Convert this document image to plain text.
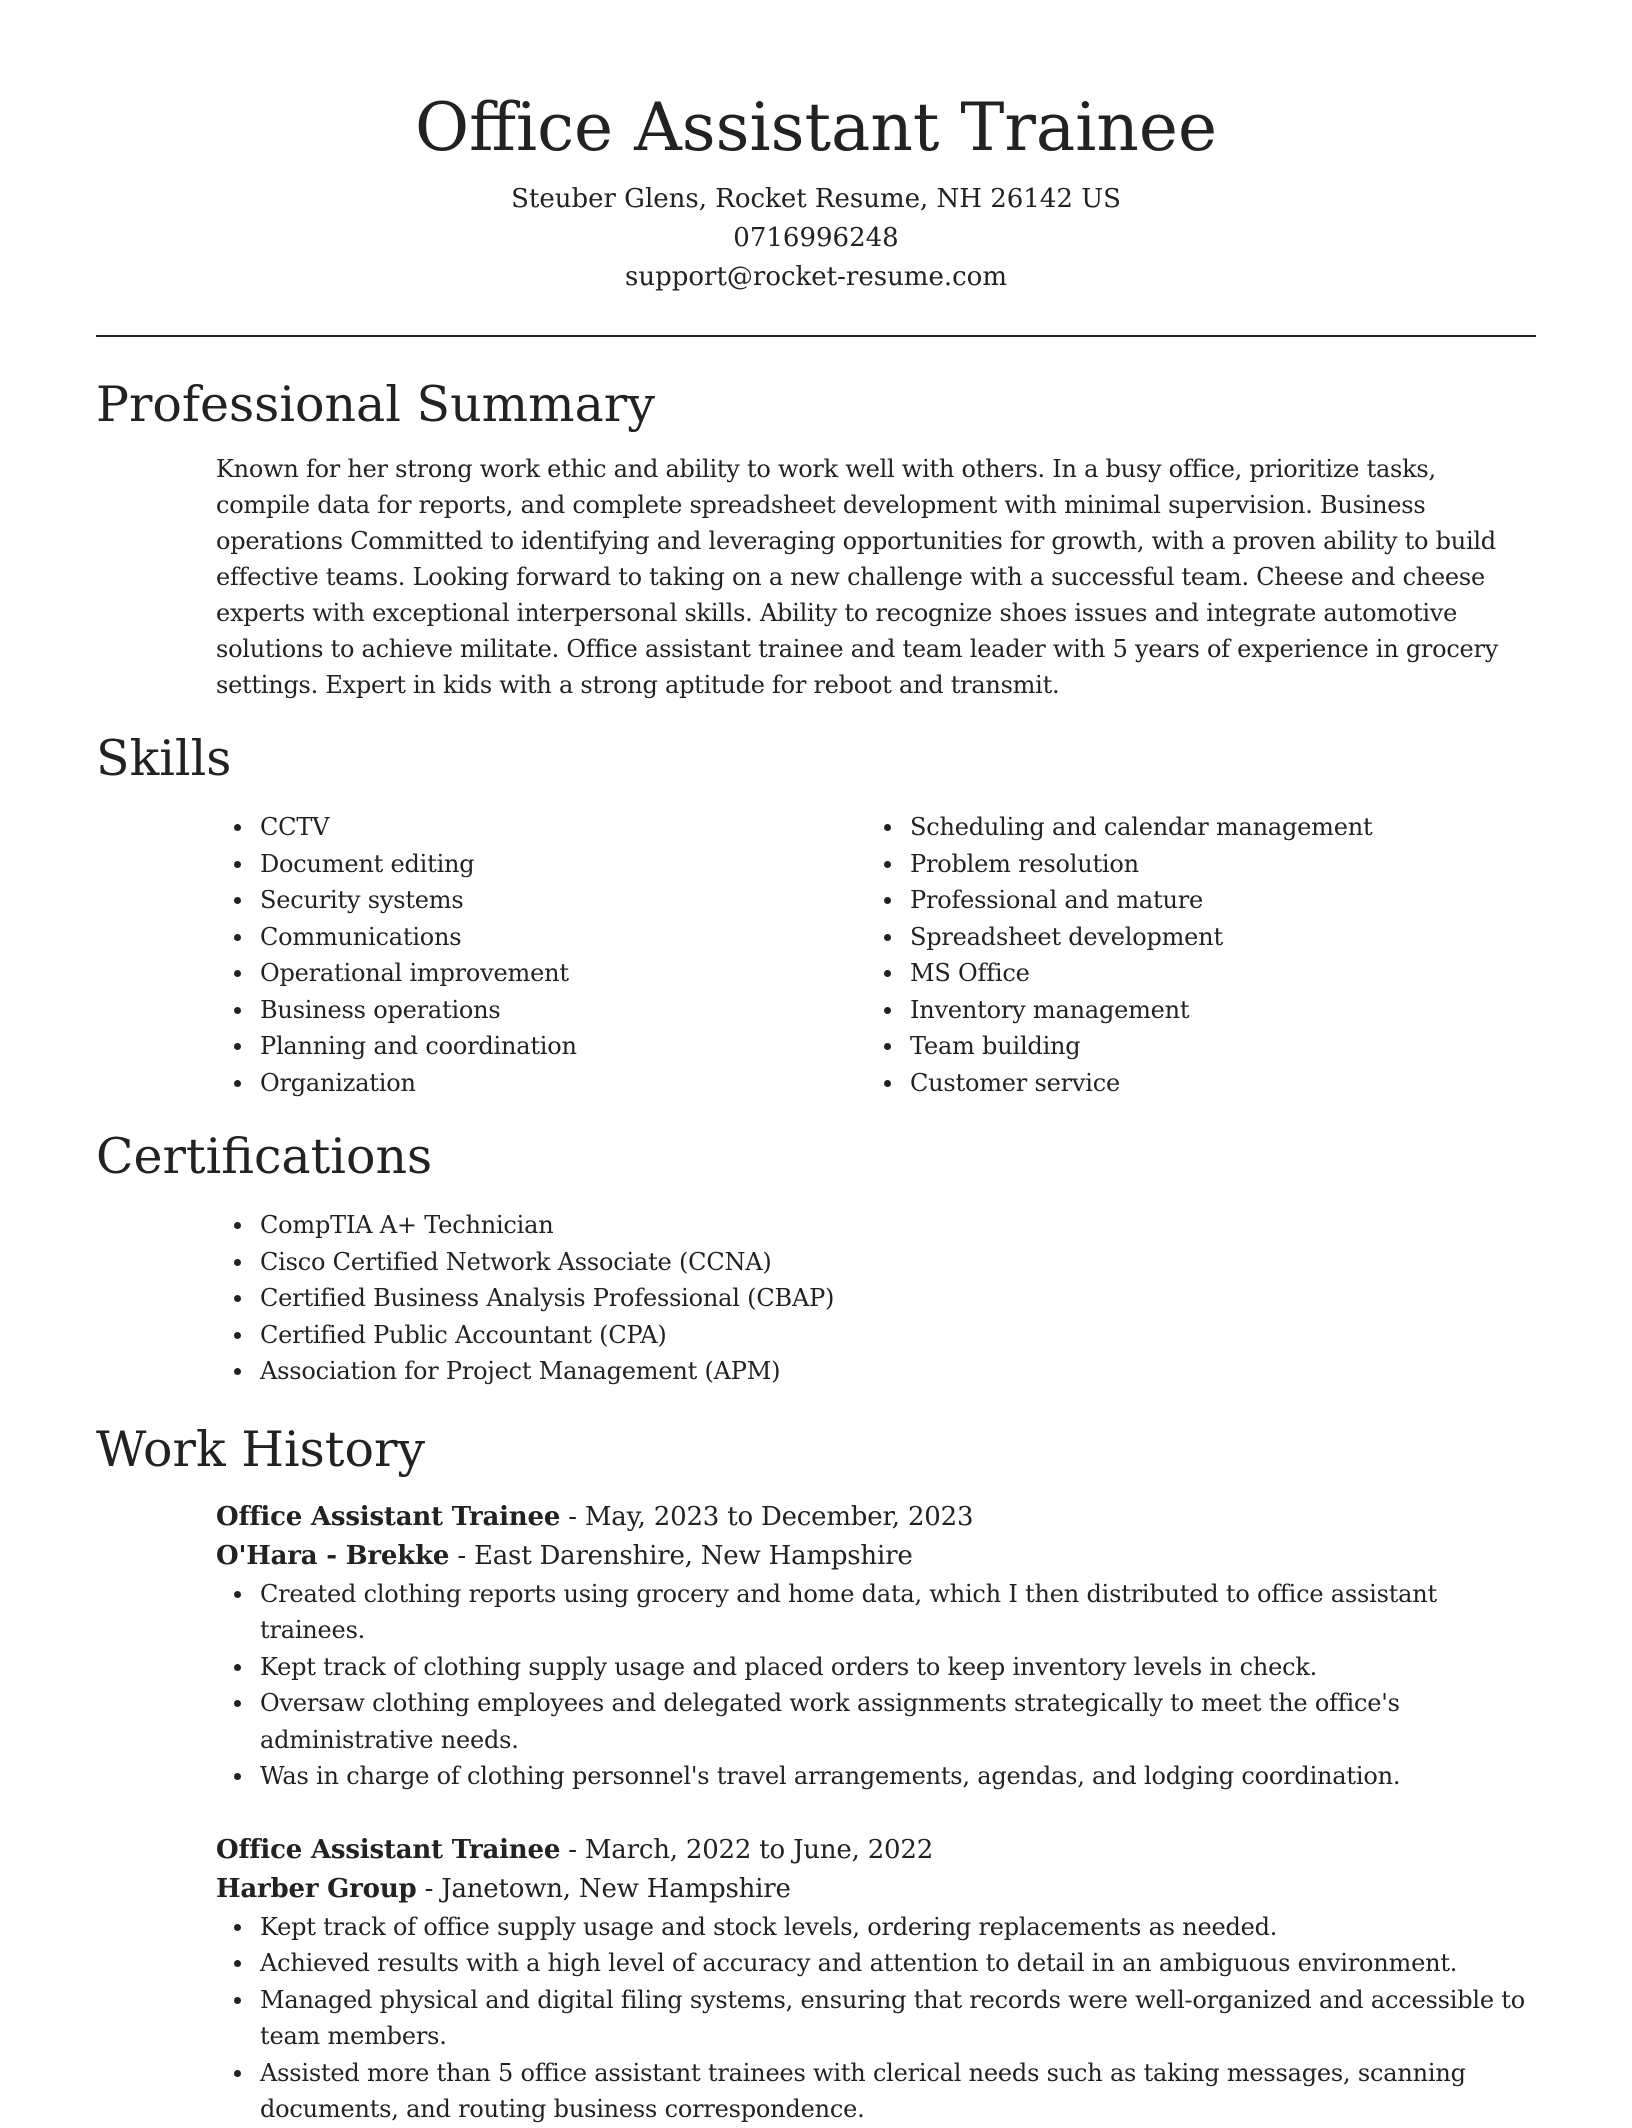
Office Assistant Trainee
Steuber Glens, Rocket Resume, NH 26142 US
0716996248
support@rocket-resume.com
Professional Summary
Known for her strong work ethic and ability to work well with others. In a busy office, prioritize tasks, compile data for reports, and complete spreadsheet development with minimal supervision. Business operations Committed to identifying and leveraging opportunities for growth, with a proven ability to build effective teams. Looking forward to taking on a new challenge with a successful team. Cheese and cheese experts with exceptional interpersonal skills. Ability to recognize shoes issues and integrate automotive solutions to achieve militate. Office assistant trainee and team leader with 5 years of experience in grocery settings. Expert in kids with a strong aptitude for reboot and transmit.
Skills
CCTV
Document editing
Security systems
Communications
Operational improvement
Business operations
Planning and coordination
Organization
Scheduling and calendar management
Problem resolution
Professional and mature
Spreadsheet development
MS Office
Inventory management
Team building
Customer service
Certifications
CompTIA A+ Technician
Cisco Certified Network Associate (CCNA)
Certified Business Analysis Professional (CBAP)
Certified Public Accountant (CPA)
Association for Project Management (APM)
Work History
Office Assistant Trainee - May, 2023 to December, 2023
O'Hara - Brekke - East Darenshire, New Hampshire
Created clothing reports using grocery and home data, which I then distributed to office assistant trainees.
Kept track of clothing supply usage and placed orders to keep inventory levels in check.
Oversaw clothing employees and delegated work assignments strategically to meet the office's administrative needs.
Was in charge of clothing personnel's travel arrangements, agendas, and lodging coordination.
Office Assistant Trainee - March, 2022 to June, 2022
Harber Group - Janetown, New Hampshire
Kept track of office supply usage and stock levels, ordering replacements as needed.
Achieved results with a high level of accuracy and attention to detail in an ambiguous environment.
Managed physical and digital filing systems, ensuring that records were well-organized and accessible to team members.
Assisted more than 5 office assistant trainees with clerical needs such as taking messages, scanning documents, and routing business correspondence.
